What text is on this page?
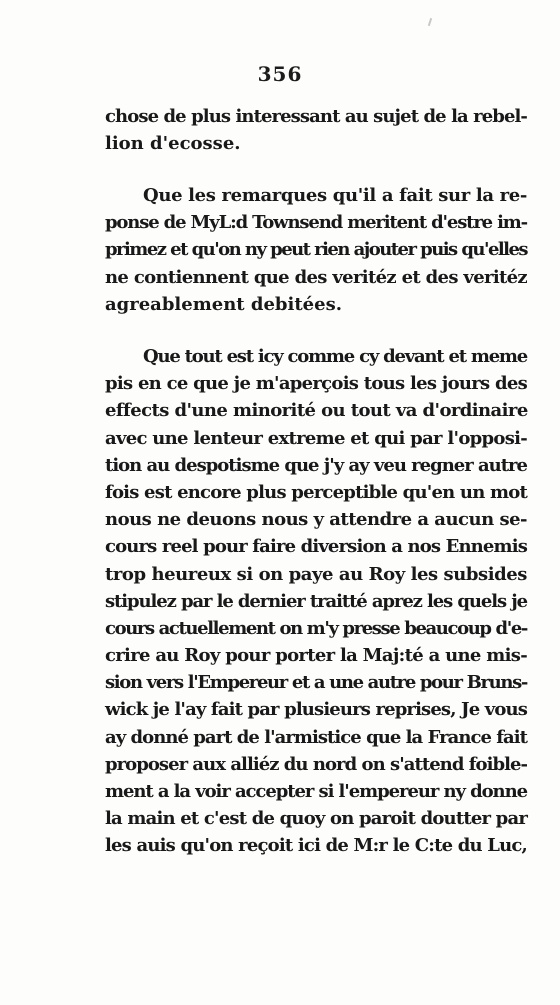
356
chose de plus interessant au sujet de la rebel-
lion d'ecosse.
Que les remarques qu'il a fait sur la re-
ponse de MyL:d Townsend meritent d'estre im-
primez et qu'on ny peut rien ajouter puis qu'elles
ne contiennent que des veritéz et des veritéz
agreablement debitées.
Que tout est icy comme cy devant et meme
pis en ce que je m'aperçois tous les jours des
effects d'une minorité ou tout va d'ordinaire
avec une lenteur extreme et qui par l'opposi-
tion au despotisme que j'y ay veu regner autre
fois est encore plus perceptible qu'en un mot
nous ne deuons nous y attendre a aucun se-
cours reel pour faire diversion a nos Ennemis
trop heureux si on paye au Roy les subsides
stipulez par le dernier traitté aprez les quels je
cours actuellement on m'y presse beaucoup d'e-
crire au Roy pour porter la Maj:té a une mis-
sion vers l'Empereur et a une autre pour Bruns-
wick je l'ay fait par plusieurs reprises, Je vous
ay donné part de l'armistice que la France fait
proposer aux alliéz du nord on s'attend foible-
ment a la voir accepter si l'empereur ny donne
la main et c'est de quoy on paroit doutter par
les auis qu'on reçoit ici de M:r le C:te du Luc,
